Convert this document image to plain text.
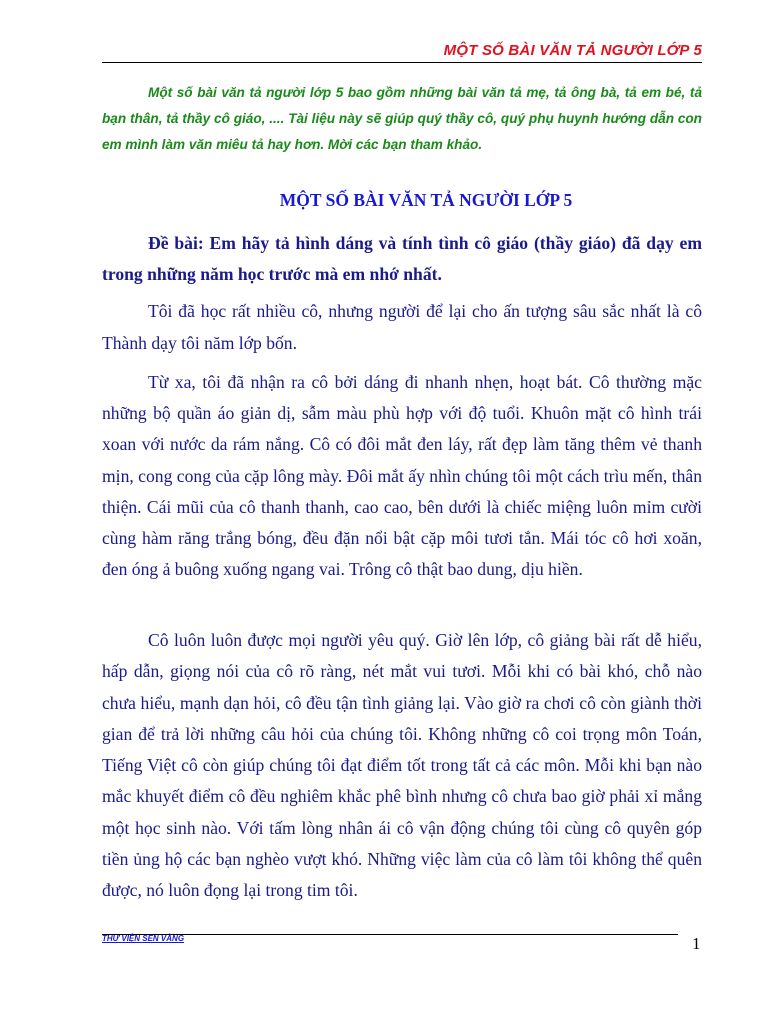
MỘT SỐ BÀI VĂN TẢ NGƯỜI LỚP 5

Một số bài văn tả người lớp 5 bao gồm những bài văn tả mẹ, tả ông bà, tả em bé, tả bạn thân, tả thầy cô giáo, .... Tài liệu này sẽ giúp quý thầy cô, quý phụ huynh hướng dẫn con em mình làm văn miêu tả hay hơn. Mời các bạn tham khảo.

MỘT SỐ BÀI VĂN TẢ NGƯỜI LỚP 5

Đề bài: Em hãy tả hình dáng và tính tình cô giáo (thầy giáo) đã dạy em trong những năm học trước mà em nhớ nhất.

Tôi đã học rất nhiều cô, nhưng người để lại cho ấn tượng sâu sắc nhất là cô Thành dạy tôi năm lớp bốn.

Từ xa, tôi đã nhận ra cô bởi dáng đi nhanh nhẹn, hoạt bát. Cô thường mặc những bộ quần áo giản dị, sẫm màu phù hợp với độ tuổi. Khuôn mặt cô hình trái xoan với nước da rám nắng. Cô có đôi mắt đen láy, rất đẹp làm tăng thêm vẻ thanh mịn, cong cong của cặp lông mày. Đôi mắt ấy nhìn chúng tôi một cách trìu mến, thân thiện. Cái mũi của cô thanh thanh, cao cao, bên dưới là chiếc miệng luôn mỉm cười cùng hàm răng trắng bóng, đều đặn nổi bật cặp môi tươi tắn. Mái tóc cô hơi xoăn, đen óng ả buông xuống ngang vai. Trông cô thật bao dung, dịu hiền.

Cô luôn luôn được mọi người yêu quý. Giờ lên lớp, cô giảng bài rất dễ hiểu, hấp dẫn, giọng nói của cô rõ ràng, nét mắt vui tươi. Mỗi khi có bài khó, chỗ nào chưa hiểu, mạnh dạn hỏi, cô đều tận tình giảng lại. Vào giờ ra chơi cô còn giành thời gian để trả lời những câu hỏi của chúng tôi. Không những cô coi trọng môn Toán, Tiếng Việt cô còn giúp chúng tôi đạt điểm tốt trong tất cả các môn. Mỗi khi bạn nào mắc khuyết điểm cô đều nghiêm khắc phê bình nhưng cô chưa bao giờ phải xỉ mắng một học sinh nào. Với tấm lòng nhân ái cô vận động chúng tôi cùng cô quyên góp tiền ủng hộ các bạn nghèo vượt khó. Những việc làm của cô làm tôi không thể quên được, nó luôn đọng lại trong tim tôi.

THƯ VIỆN SEN VÀNG	1
